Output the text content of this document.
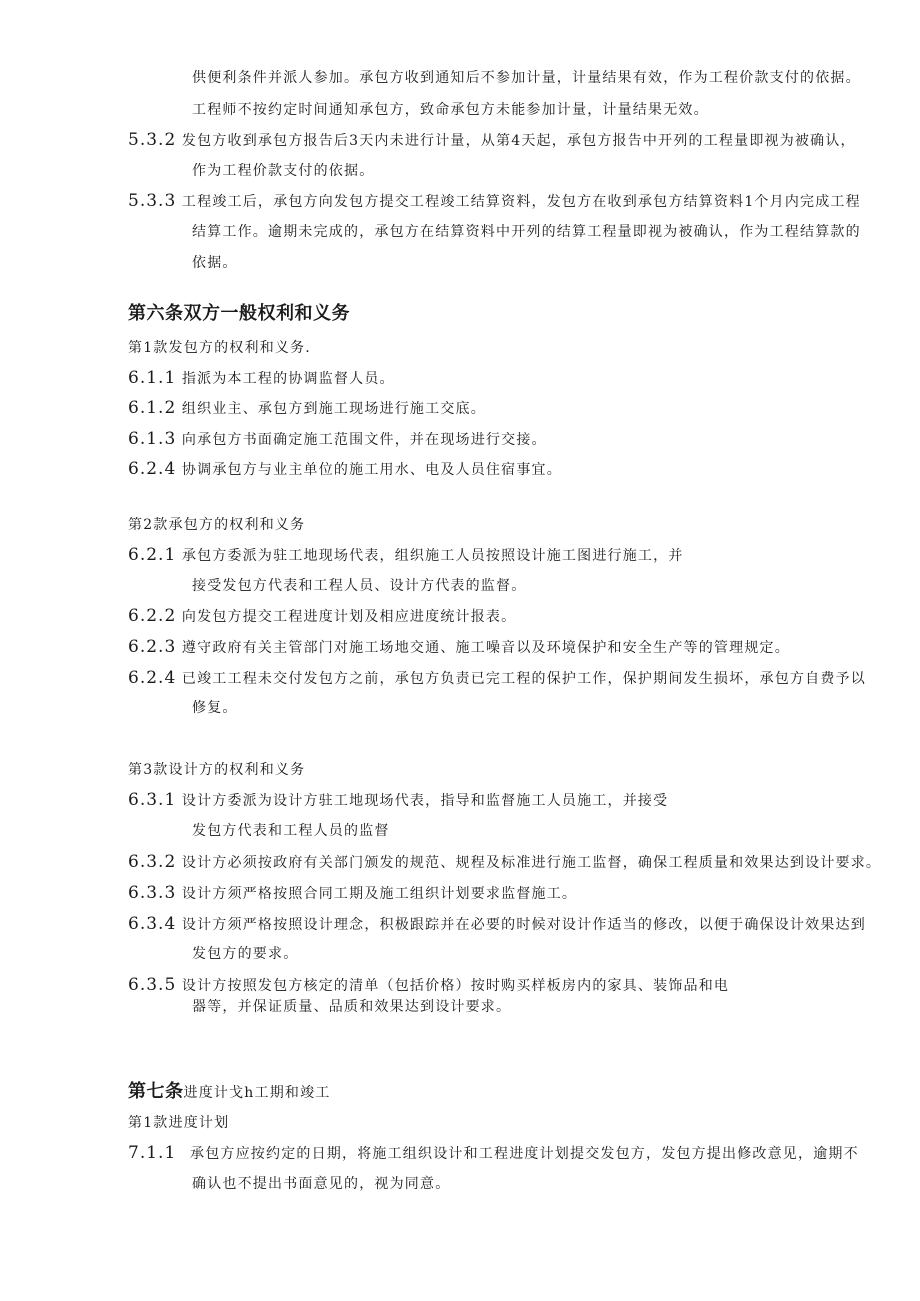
供便利条件并派人参加。承包方收到通知后不参加计量，计量结果有效，作为工程价款支付的依据。
工程师不按约定时间通知承包方，致命承包方未能参加计量，计量结果无效。
5.3.2 发包方收到承包方报告后3天内未进行计量，从第4天起，承包方报告中开列的工程量即视为被确认，
作为工程价款支付的依据。
5.3.3 工程竣工后，承包方向发包方提交工程竣工结算资料，发包方在收到承包方结算资料1个月内完成工程
结算工作。逾期未完成的，承包方在结算资料中开列的结算工程量即视为被确认，作为工程结算款的
依据。
第六条双方一般权利和义务
第1款发包方的权利和义务.
6.1.1 指派为本工程的协调监督人员。
6.1.2 组织业主、承包方到施工现场进行施工交底。
6.1.3 向承包方书面确定施工范围文件，并在现场进行交接。
6.2.4 协调承包方与业主单位的施工用水、电及人员住宿事宜。
第2款承包方的权利和义务
6.2.1 承包方委派为驻工地现场代表，组织施工人员按照设计施工图进行施工，并
接受发包方代表和工程人员、设计方代表的监督。
6.2.2 向发包方提交工程进度计划及相应进度统计报表。
6.2.3 遵守政府有关主管部门对施工场地交通、施工噪音以及环境保护和安全生产等的管理规定。
6.2.4 已竣工工程未交付发包方之前，承包方负责已完工程的保护工作，保护期间发生损坏，承包方自费予以
修复。
第3款设计方的权利和义务
6.3.1 设计方委派为设计方驻工地现场代表，指导和监督施工人员施工，并接受
发包方代表和工程人员的监督
6.3.2 设计方必须按政府有关部门颁发的规范、规程及标准进行施工监督，确保工程质量和效果达到设计要求。
6.3.3 设计方须严格按照合同工期及施工组织计划要求监督施工。
6.3.4 设计方须严格按照设计理念，积极跟踪并在必要的时候对设计作适当的修改，以便于确保设计效果达到
发包方的要求。
6.3.5 设计方按照发包方核定的清单（包括价格）按时购买样板房内的家具、装饰品和电
器等，并保证质量、品质和效果达到设计要求。
第七条进度计戈h工期和竣工
第1款进度计划
7.1.1 承包方应按约定的日期，将施工组织设计和工程进度计划提交发包方，发包方提出修改意见，逾期不
确认也不提出书面意见的，视为同意。
